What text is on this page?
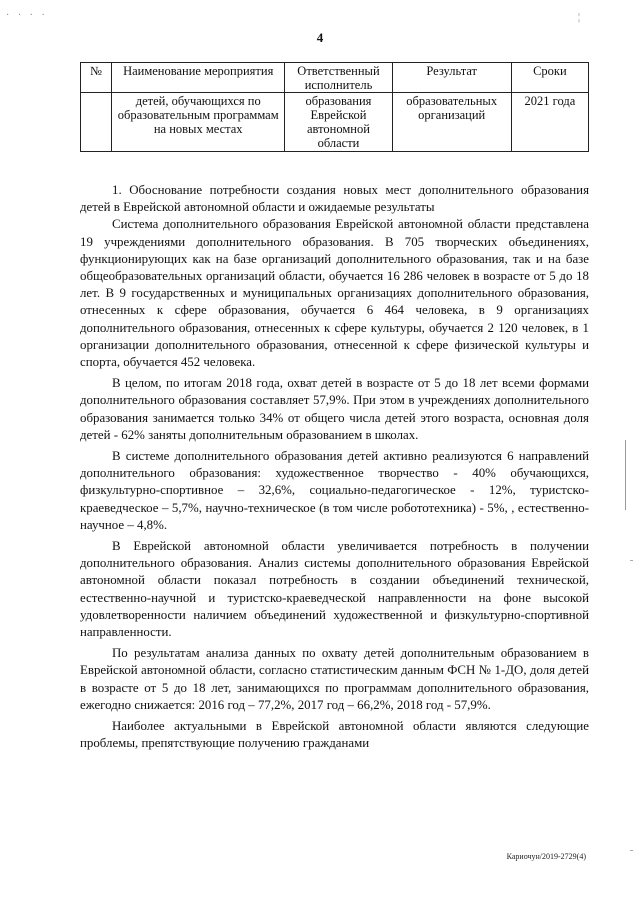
· · · ·	¦
4
№	Наименование мероприятия	Ответственный исполнитель	Результат	Сроки
	детей, обучающихся по образовательным программам на новых местах	образования Еврейской автономной области	образовательных организаций	2021 года

1. Обоснование потребности создания новых мест дополнительного образования детей в Еврейской автономной области и ожидаемые результаты

Система дополнительного образования Еврейской автономной области представлена 19 учреждениями дополнительного образования. В 705 творческих объединениях, функционирующих как на базе организаций дополнительного образования, так и на базе общеобразовательных организаций области, обучается 16 286 человек в возрасте от 5 до 18 лет. В 9 государственных и муниципальных организациях дополнительного образования, отнесенных к сфере образования, обучается 6 464 человека, в 9 организациях дополнительного образования, отнесенных к сфере культуры, обучается 2 120 человек, в 1 организации дополнительного образования, отнесенной к сфере физической культуры и спорта, обучается 452 человека.

В целом, по итогам 2018 года, охват детей в возрасте от 5 до 18 лет всеми формами дополнительного образования составляет 57,9%. При этом в учреждениях дополнительного образования занимается только 34% от общего числа детей этого возраста, основная доля детей - 62% заняты дополнительным образованием в школах.

В системе дополнительного образования детей активно реализуются 6 направлений дополнительного образования: художественное творчество - 40% обучающихся, физкультурно-спортивное – 32,6%, социально-педагогическое - 12%, туристско-краеведческое – 5,7%, научно-техническое (в том числе робототехника) - 5%, , естественно-научное – 4,8%.

В Еврейской автономной области увеличивается потребность в получении дополнительного образования. Анализ системы дополнительного образования Еврейской автономной области показал потребность в создании объединений технической, естественно-научной и туристско-краеведческой направленности на фоне высокой удовлетворенности наличием объединений художественной и физкультурно-спортивной направленности.

По результатам анализа данных по охвату детей дополнительным образованием в Еврейской автономной области, согласно статистическим данным ФСН № 1-ДО, доля детей в возрасте от 5 до 18 лет, занимающихся по программам дополнительного образования, ежегодно снижается: 2016 год – 77,2%, 2017 год – 66,2%, 2018 год - 57,9%.

Наиболее актуальными в Еврейской автономной области являются следующие проблемы, препятствующие получению гражданами

Кариочун/2019-2729(4)
